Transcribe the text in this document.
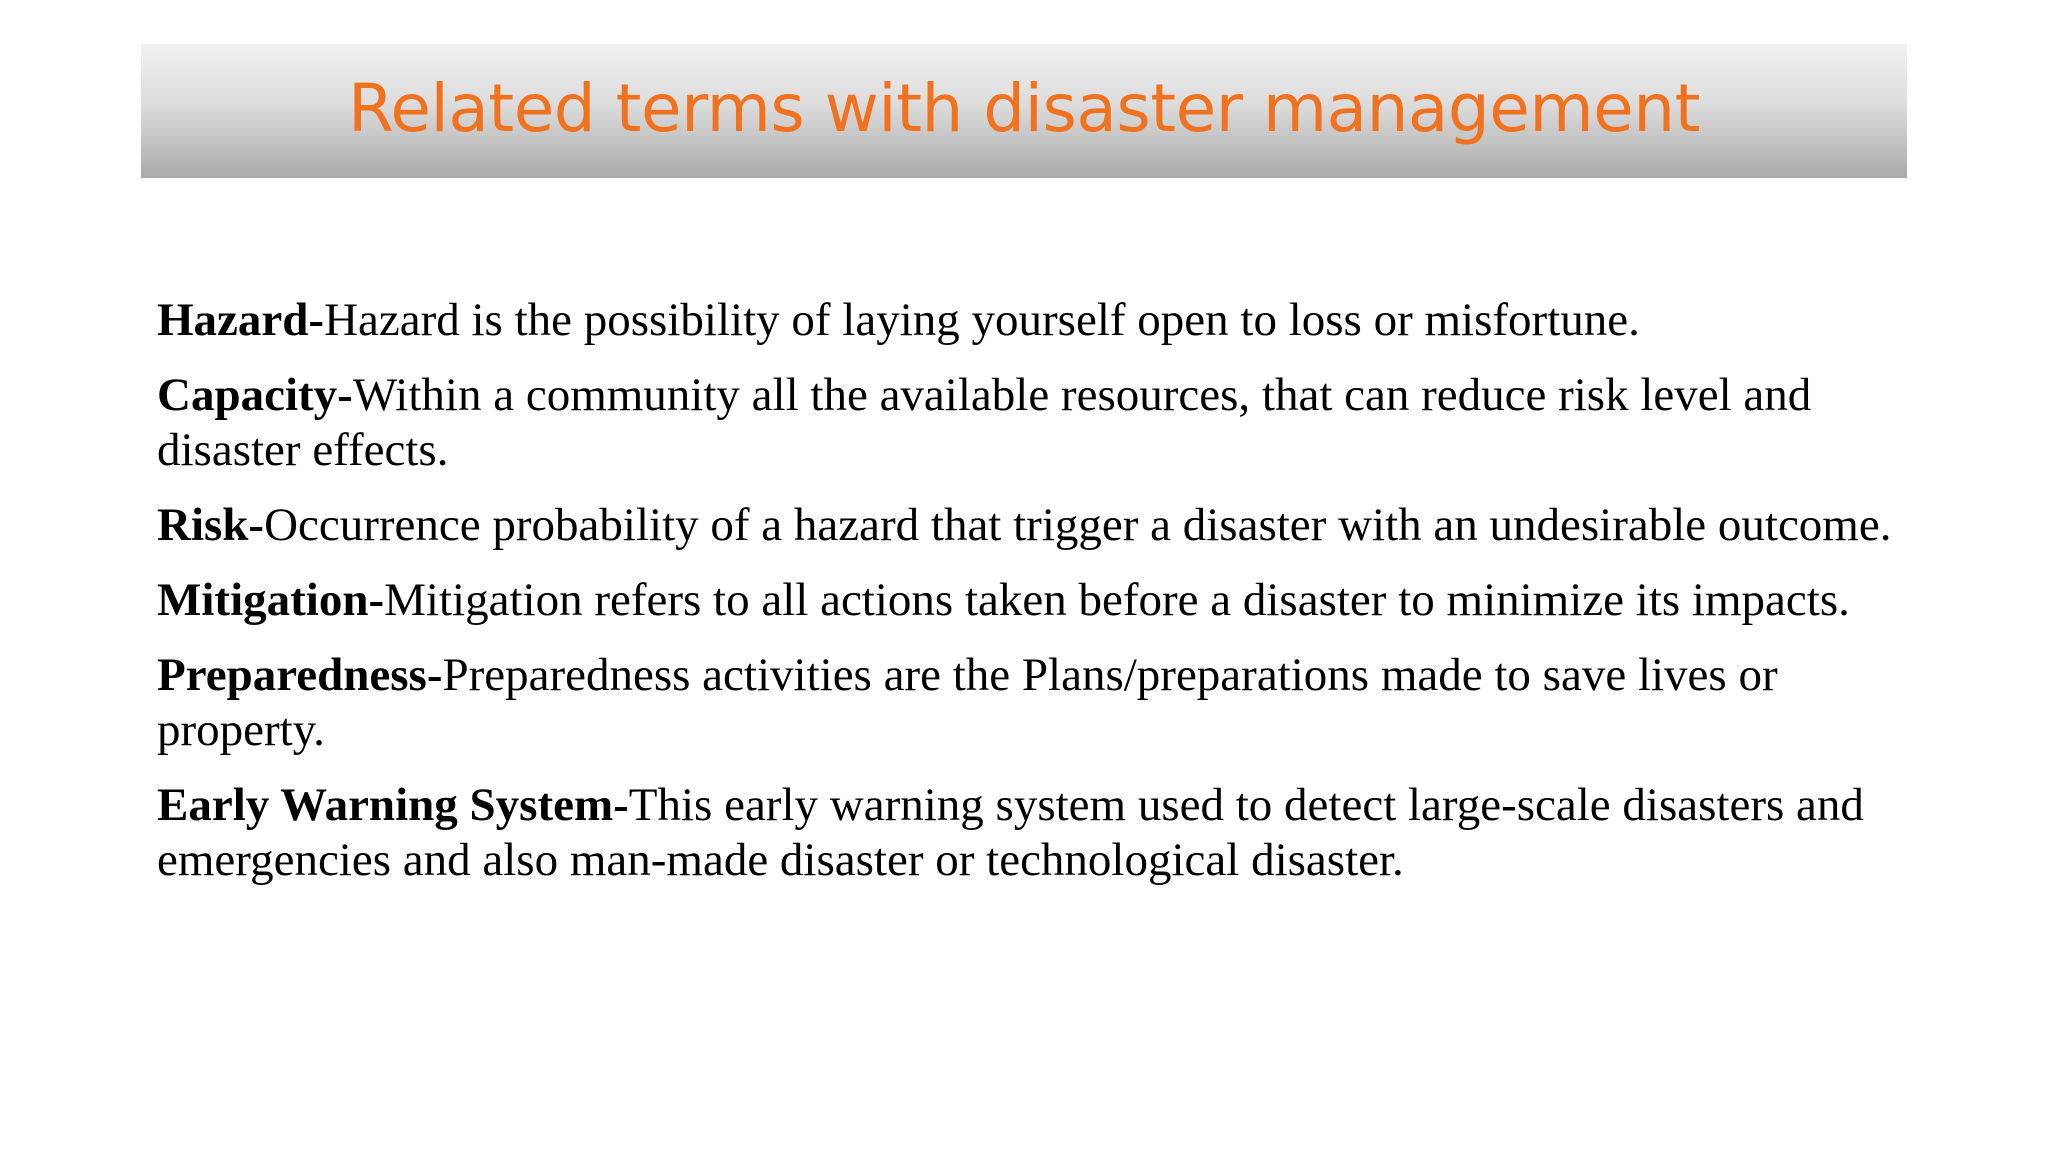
Related terms with disaster management
Hazard-Hazard is the possibility of laying yourself open to loss or misfortune.
Capacity-Within a community all the available resources, that can reduce risk level and disaster effects.
Risk-Occurrence probability of a hazard that trigger a disaster with an undesirable outcome.
Mitigation-Mitigation refers to all actions taken before a disaster to minimize its impacts.
Preparedness-Preparedness activities are the Plans/preparations made to save lives or property.
Early Warning System-This early warning system used to detect large-scale disasters and emergencies and also man-made disaster or technological disaster.
